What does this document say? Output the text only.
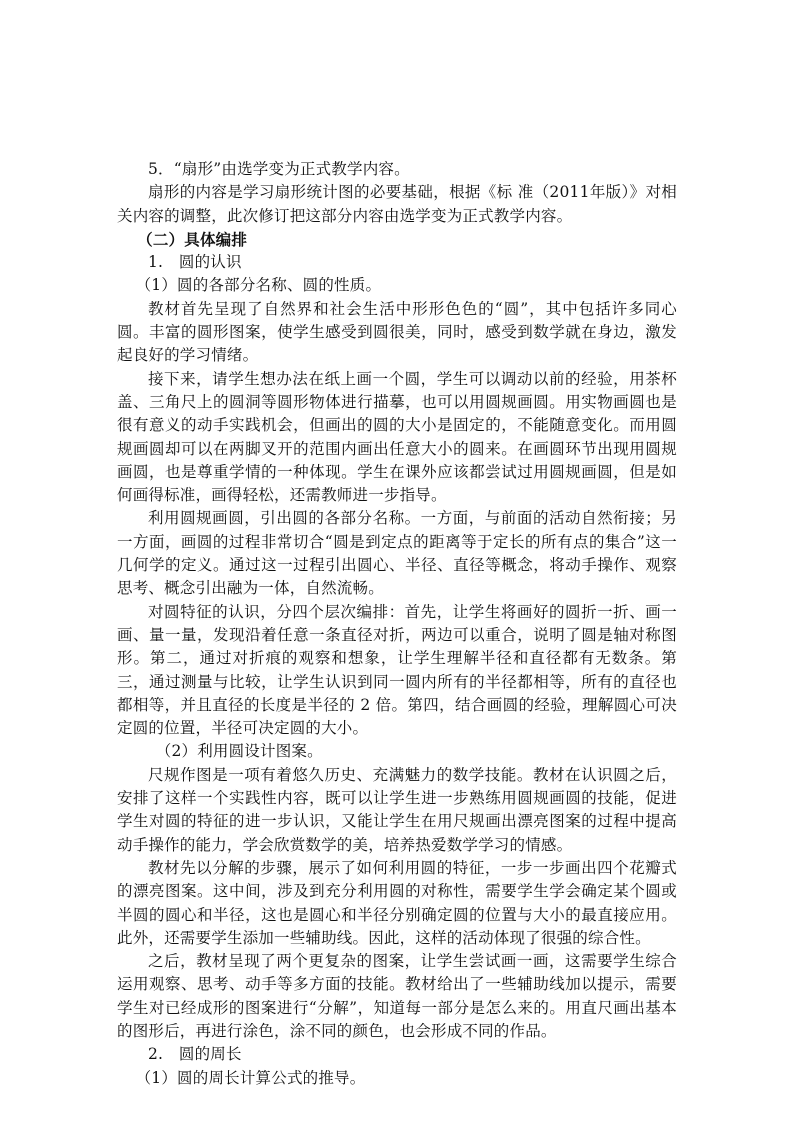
5．“扇形”由选学变为正式教学内容。

扇形的内容是学习扇形统计图的必要基础，根据《标 准（2011年版）》对相关内容的调整，此次修订把这部分内容由选学变为正式教学内容。

（二）具体编排

1.　圆的认识

（1）圆的各部分名称、圆的性质。

教材首先呈现了自然界和社会生活中形形色色的“圆”，其中包括许多同心圆。丰富的圆形图案，使学生感受到圆很美，同时，感受到数学就在身边，激发起良好的学习情绪。

接下来，请学生想办法在纸上画一个圆，学生可以调动以前的经验，用茶杯盖、三角尺上的圆洞等圆形物体进行描摹，也可以用圆规画圆。用实物画圆也是很有意义的动手实践机会，但画出的圆的大小是固定的，不能随意变化。而用圆规画圆却可以在两脚叉开的范围内画出任意大小的圆来。在画圆环节出现用圆规画圆，也是尊重学情的一种体现。学生在课外应该都尝试过用圆规画圆，但是如何画得标准，画得轻松，还需教师进一步指导。

利用圆规画圆，引出圆的各部分名称。一方面，与前面的活动自然衔接；另一方面，画圆的过程非常切合“圆是到定点的距离等于定长的所有点的集合”这一几何学的定义。通过这一过程引出圆心、半径、直径等概念，将动手操作、观察思考、概念引出融为一体，自然流畅。

对圆特征的认识，分四个层次编排：首先，让学生将画好的圆折一折、画一画、量一量，发现沿着任意一条直径对折，两边可以重合，说明了圆是轴对称图形。第二，通过对折痕的观察和想象，让学生理解半径和直径都有无数条。第三，通过测量与比较，让学生认识到同一圆内所有的半径都相等，所有的直径也都相等，并且直径的长度是半径的 2 倍。第四，结合画圆的经验，理解圆心可决定圆的位置，半径可决定圆的大小。

（2）利用圆设计图案。

尺规作图是一项有着悠久历史、充满魅力的数学技能。教材在认识圆之后，安排了这样一个实践性内容，既可以让学生进一步熟练用圆规画圆的技能，促进学生对圆的特征的进一步认识，又能让学生在用尺规画出漂亮图案的过程中提高动手操作的能力，学会欣赏数学的美，培养热爱数学学习的情感。

教材先以分解的步骤，展示了如何利用圆的特征，一步一步画出四个花瓣式的漂亮图案。这中间，涉及到充分利用圆的对称性，需要学生学会确定某个圆或半圆的圆心和半径，这也是圆心和半径分别确定圆的位置与大小的最直接应用。此外，还需要学生添加一些辅助线。因此，这样的活动体现了很强的综合性。

之后，教材呈现了两个更复杂的图案，让学生尝试画一画，这需要学生综合运用观察、思考、动手等多方面的技能。教材给出了一些辅助线加以提示，需要学生对已经成形的图案进行“分解”，知道每一部分是怎么来的。用直尺画出基本的图形后，再进行涂色，涂不同的颜色，也会形成不同的作品。

2.　圆的周长

（1）圆的周长计算公式的推导。
